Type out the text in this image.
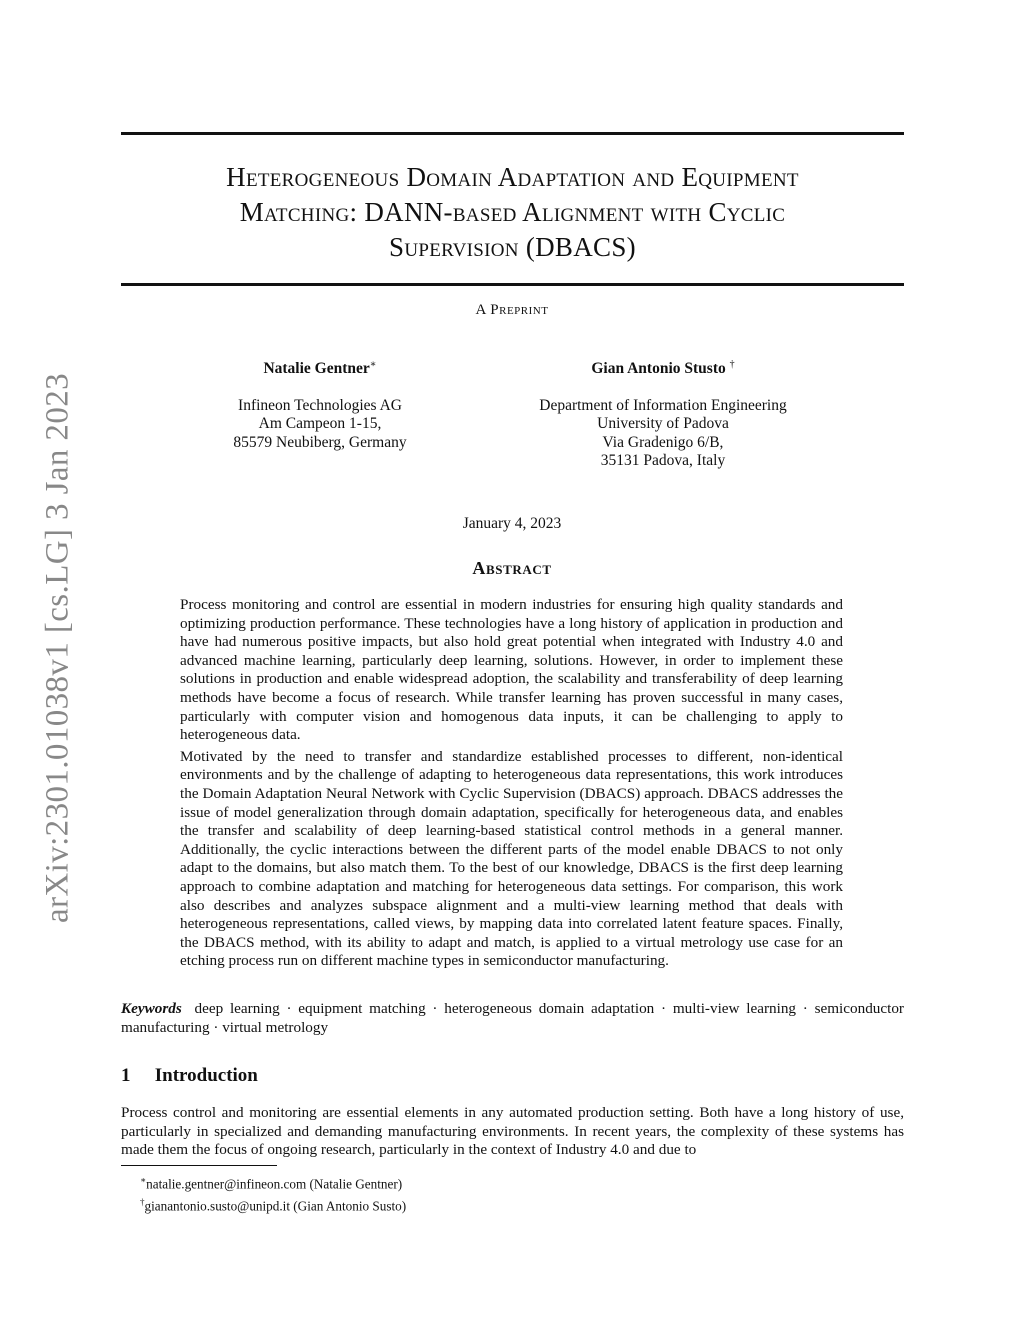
arXiv:2301.01038v1 [cs.LG] 3 Jan 2023
Heterogeneous Domain Adaptation and Equipment
Matching: DANN-based Alignment with Cyclic
Supervision (DBACS)
A Preprint
Natalie Gentner∗
Infineon Technologies AG
Am Campeon 1-15,
85579 Neubiberg, Germany
Gian Antonio Stusto †
Department of Information Engineering
University of Padova
Via Gradenigo 6/B,
35131 Padova, Italy
January 4, 2023
Abstract

Process monitoring and control are essential in modern industries for ensuring high quality standards and optimizing production performance. These technologies have a long history of application in production and have had numerous positive impacts, but also hold great potential when integrated with Industry 4.0 and advanced machine learning, particularly deep learning, solutions. However, in order to implement these solutions in production and enable widespread adoption, the scalability and transferability of deep learning methods have become a focus of research. While transfer learning has proven successful in many cases, particularly with computer vision and homogenous data inputs, it can be challenging to apply to heterogeneous data.

Motivated by the need to transfer and standardize established processes to different, non-identical environments and by the challenge of adapting to heterogeneous data representations, this work introduces the Domain Adaptation Neural Network with Cyclic Supervision (DBACS) approach. DBACS addresses the issue of model generalization through domain adaptation, specifically for heterogeneous data, and enables the transfer and scalability of deep learning-based statistical control methods in a general manner. Additionally, the cyclic interactions between the different parts of the model enable DBACS to not only adapt to the domains, but also match them. To the best of our knowledge, DBACS is the first deep learning approach to combine adaptation and matching for heterogeneous data settings. For comparison, this work also describes and analyzes subspace alignment and a multi-view learning method that deals with heterogeneous representations, called views, by mapping data into correlated latent feature spaces. Finally, the DBACS method, with its ability to adapt and match, is applied to a virtual metrology use case for an etching process run on different machine types in semiconductor manufacturing.

Keywords deep learning · equipment matching · heterogeneous domain adaptation · multi-view learning · semiconductor manufacturing · virtual metrology
1 Introduction
Process control and monitoring are essential elements in any automated production setting. Both have a long history of use, particularly in specialized and demanding manufacturing environments. In recent years, the complexity of these systems has made them the focus of ongoing research, particularly in the context of Industry 4.0 and due to
∗natalie.gentner@infineon.com (Natalie Gentner)
†gianantonio.susto@unipd.it (Gian Antonio Susto)
